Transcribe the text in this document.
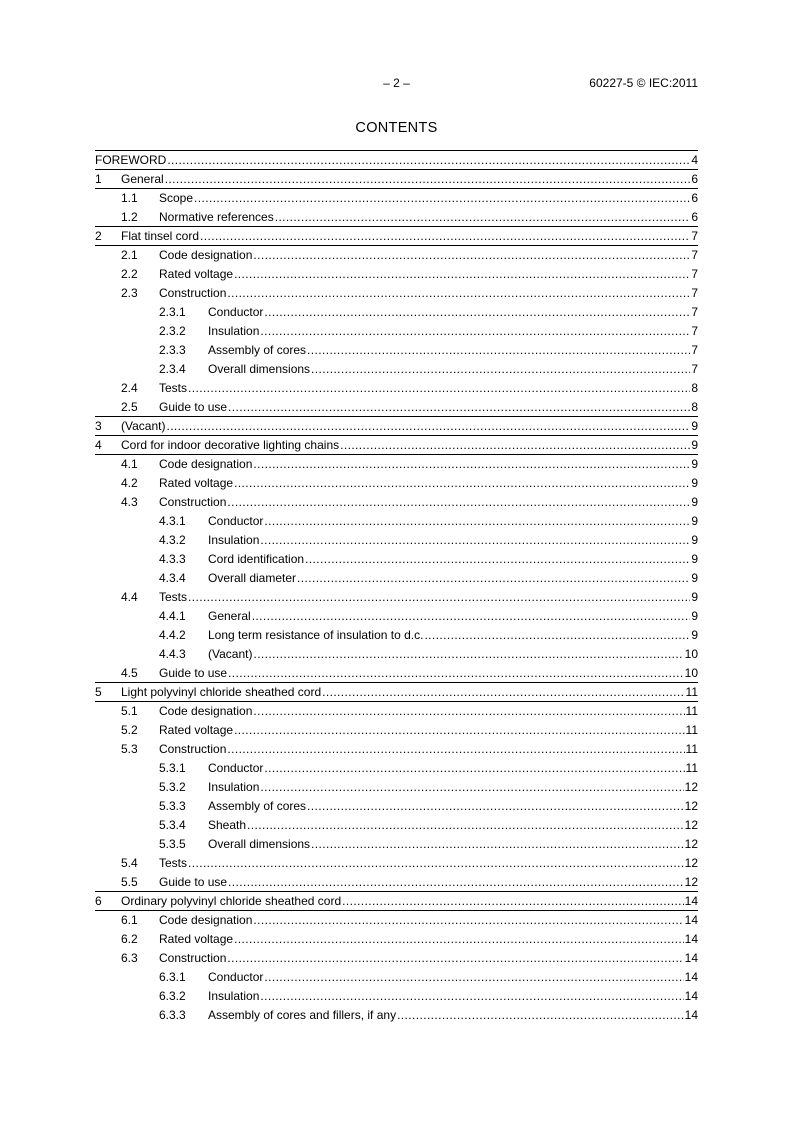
– 2 –	60227-5 © IEC:2011
CONTENTS
FOREWORD .....	4
1 General .....	6
1.1 Scope .....	6
1.2 Normative references .....	6
2 Flat tinsel cord .....	7
2.1 Code designation .....	7
2.2 Rated voltage .....	7
2.3 Construction .....	7
2.3.1 Conductor .....	7
2.3.2 Insulation .....	7
2.3.3 Assembly of cores .....	7
2.3.4 Overall dimensions .....	7
2.4 Tests .....	8
2.5 Guide to use .....	8
3 (Vacant) .....	9
4 Cord for indoor decorative lighting chains .....	9
4.1 Code designation .....	9
4.2 Rated voltage .....	9
4.3 Construction .....	9
4.3.1 Conductor .....	9
4.3.2 Insulation .....	9
4.3.3 Cord identification .....	9
4.3.4 Overall diameter .....	9
4.4 Tests .....	9
4.4.1 General .....	9
4.4.2 Long term resistance of insulation to d.c. .....	9
4.4.3 (Vacant) .....	10
4.5 Guide to use .....	10
5 Light polyvinyl chloride sheathed cord .....	11
5.1 Code designation .....	11
5.2 Rated voltage .....	11
5.3 Construction .....	11
5.3.1 Conductor .....	11
5.3.2 Insulation .....	12
5.3.3 Assembly of cores .....	12
5.3.4 Sheath .....	12
5.3.5 Overall dimensions .....	12
5.4 Tests .....	12
5.5 Guide to use .....	12
6 Ordinary polyvinyl chloride sheathed cord .....	14
6.1 Code designation .....	14
6.2 Rated voltage .....	14
6.3 Construction .....	14
6.3.1 Conductor .....	14
6.3.2 Insulation .....	14
6.3.3 Assembly of cores and fillers, if any .....	14
